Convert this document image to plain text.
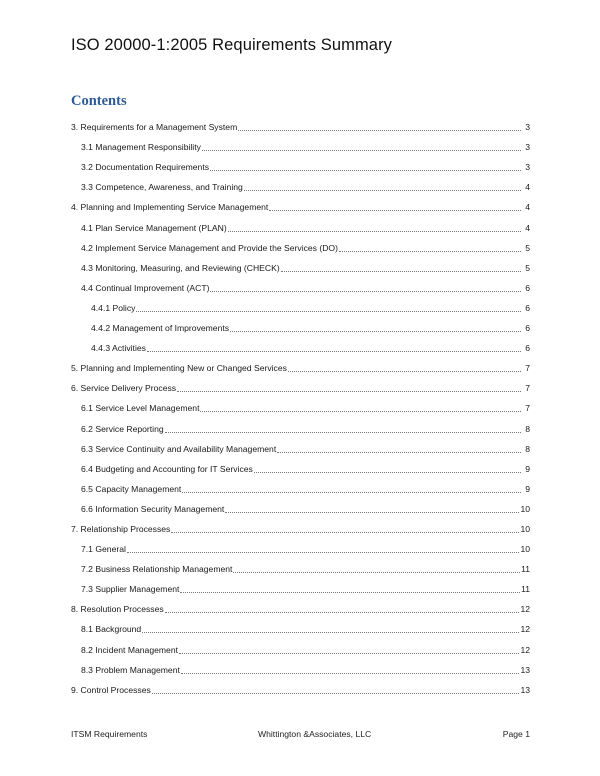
ISO 20000-1:2005 Requirements Summary
Contents
3. Requirements for a Management System	3
3.1 Management Responsibility	3
3.2 Documentation Requirements	3
3.3 Competence, Awareness, and Training	4
4. Planning and Implementing Service Management	4
4.1 Plan Service Management (PLAN)	4
4.2 Implement Service Management and Provide the Services (DO)	5
4.3 Monitoring, Measuring, and Reviewing (CHECK)	5
4.4 Continual Improvement (ACT)	6
4.4.1 Policy	6
4.4.2 Management of Improvements	6
4.4.3 Activities	6
5. Planning and Implementing New or Changed Services	7
6. Service Delivery Process	7
6.1 Service Level Management	7
6.2 Service Reporting	8
6.3 Service Continuity and Availability Management	8
6.4 Budgeting and Accounting for IT Services	9
6.5 Capacity Management	9
6.6 Information Security Management	10
7. Relationship Processes	10
7.1 General	10
7.2 Business Relationship Management	11
7.3 Supplier Management	11
8. Resolution Processes	12
8.1 Background	12
8.2 Incident Management	12
8.3 Problem Management	13
9. Control Processes	13
ITSM Requirements	Whittington &Associates, LLC	Page 1
